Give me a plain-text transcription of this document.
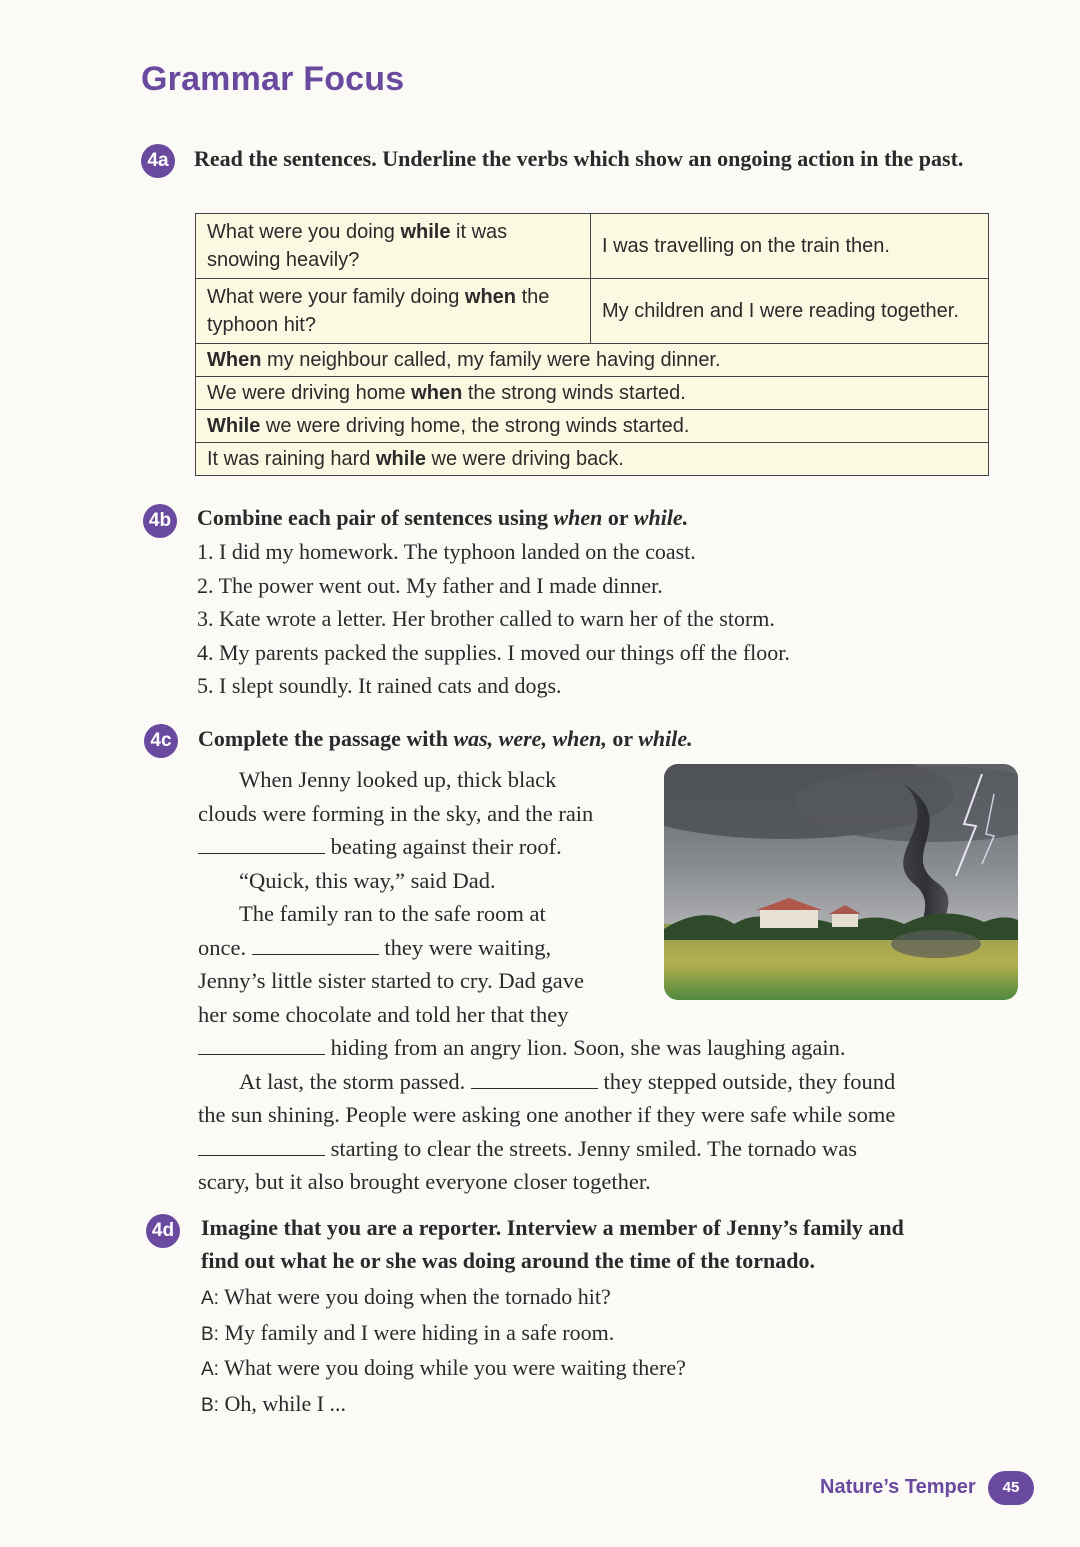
Grammar Focus
4a Read the sentences. Underline the verbs which show an ongoing action in the past.
What were you doing while it was snowing heavily?	I was travelling on the train then.
What were your family doing when the typhoon hit?	My children and I were reading together.
When my neighbour called, my family were having dinner.	
We were driving home when the strong winds started.	
While we were driving home, the strong winds started.	
It was raining hard while we were driving back.	
4b Combine each pair of sentences using when or while.
1. I did my homework. The typhoon landed on the coast.
2. The power went out. My father and I made dinner.
3. Kate wrote a letter. Her brother called to warn her of the storm.
4. My parents packed the supplies. I moved our things off the floor.
5. I slept soundly. It rained cats and dogs.
4c Complete the passage with was, were, when, or while.
When Jenny looked up, thick black
clouds were forming in the sky, and the rain
beating against their roof.
“Quick, this way,” said Dad.
The family ran to the safe room at
once.	they were waiting,
Jenny’s little sister started to cry. Dad gave
her some chocolate and told her that they
hiding from an angry lion. Soon, she was laughing again.
At last, the storm passed.	they stepped outside, they found
the sun shining. People were asking one another if they were safe while some
starting to clear the streets. Jenny smiled. The tornado was
scary, but it also brought everyone closer together.
4d Imagine that you are a reporter. Interview a member of Jenny’s family and
find out what he or she was doing around the time of the tornado.
A: What were you doing when the tornado hit?
B: My family and I were hiding in a safe room.
A: What were you doing while you were waiting there?
B: Oh, while I ...
Nature’s Temper	45
